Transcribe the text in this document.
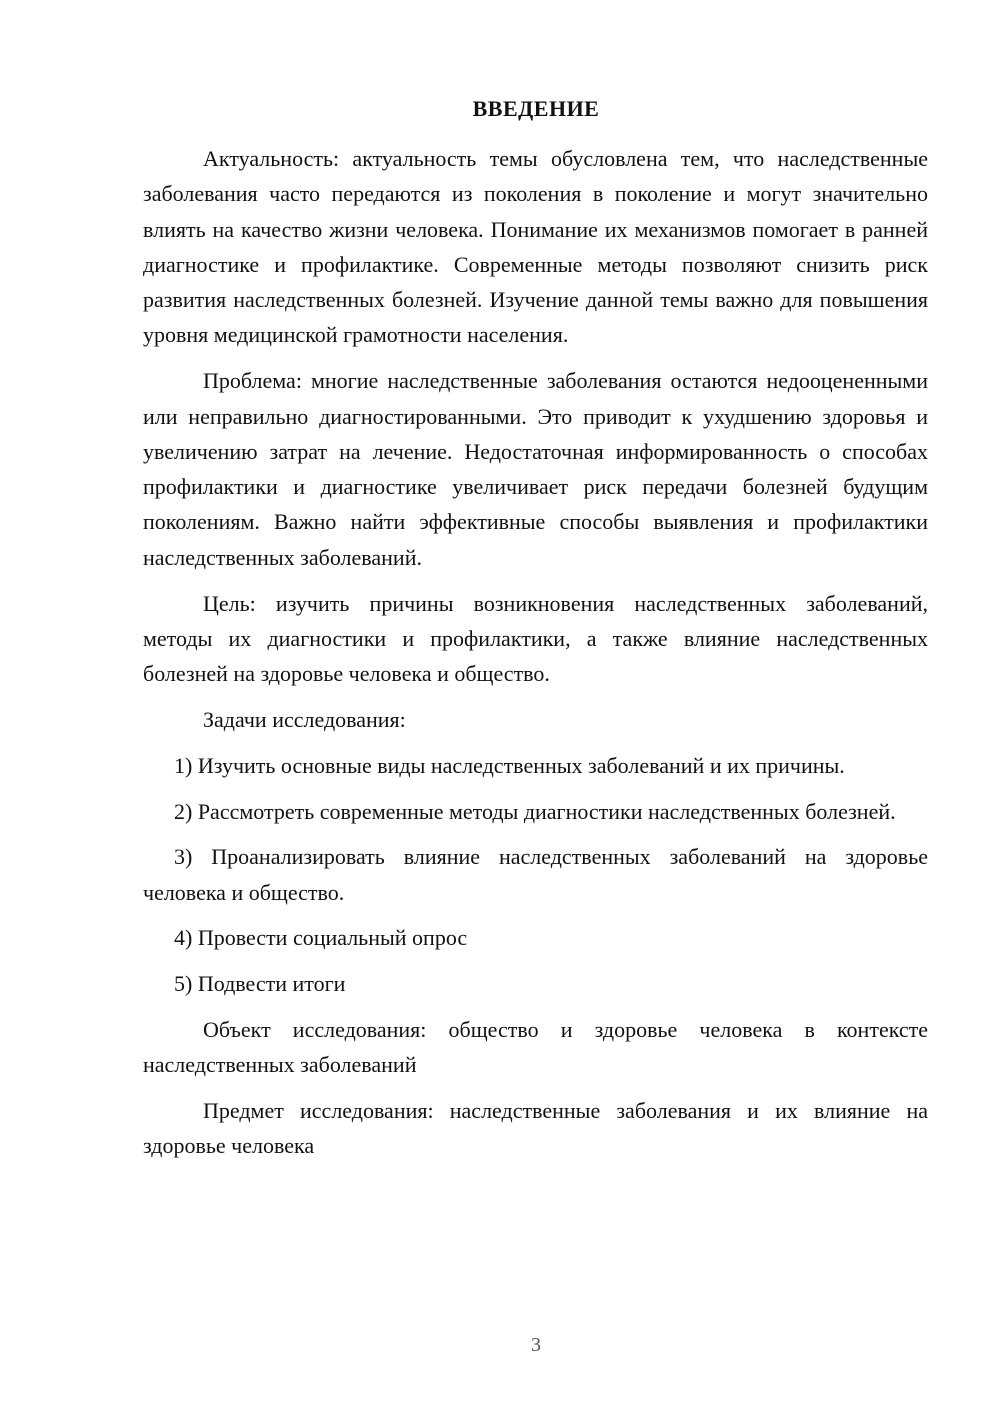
ВВЕДЕНИЕ

Актуальность: актуальность темы обусловлена тем, что наследственные заболевания часто передаются из поколения в поколение и могут значительно влиять на качество жизни человека. Понимание их механизмов помогает в ранней диагностике и профилактике. Современные методы позволяют снизить риск развития наследственных болезней. Изучение данной темы важно для повышения уровня медицинской грамотности населения.

Проблема: многие наследственные заболевания остаются недооцененными или неправильно диагностированными. Это приводит к ухудшению здоровья и увеличению затрат на лечение. Недостаточная информированность о способах профилактики и диагностике увеличивает риск передачи болезней будущим поколениям. Важно найти эффективные способы выявления и профилактики наследственных заболеваний.

Цель: изучить причины возникновения наследственных заболеваний, методы их диагностики и профилактики, а также влияние наследственных болезней на здоровье человека и общество.

Задачи исследования:

1) Изучить основные виды наследственных заболеваний и их причины.

2) Рассмотреть современные методы диагностики наследственных болезней.

3) Проанализировать влияние наследственных заболеваний на здоровье человека и общество.

4) Провести социальный опрос

5) Подвести итоги

Объект исследования: общество и здоровье человека в контексте наследственных заболеваний

Предмет исследования: наследственные заболевания и их влияние на здоровье человека

3
